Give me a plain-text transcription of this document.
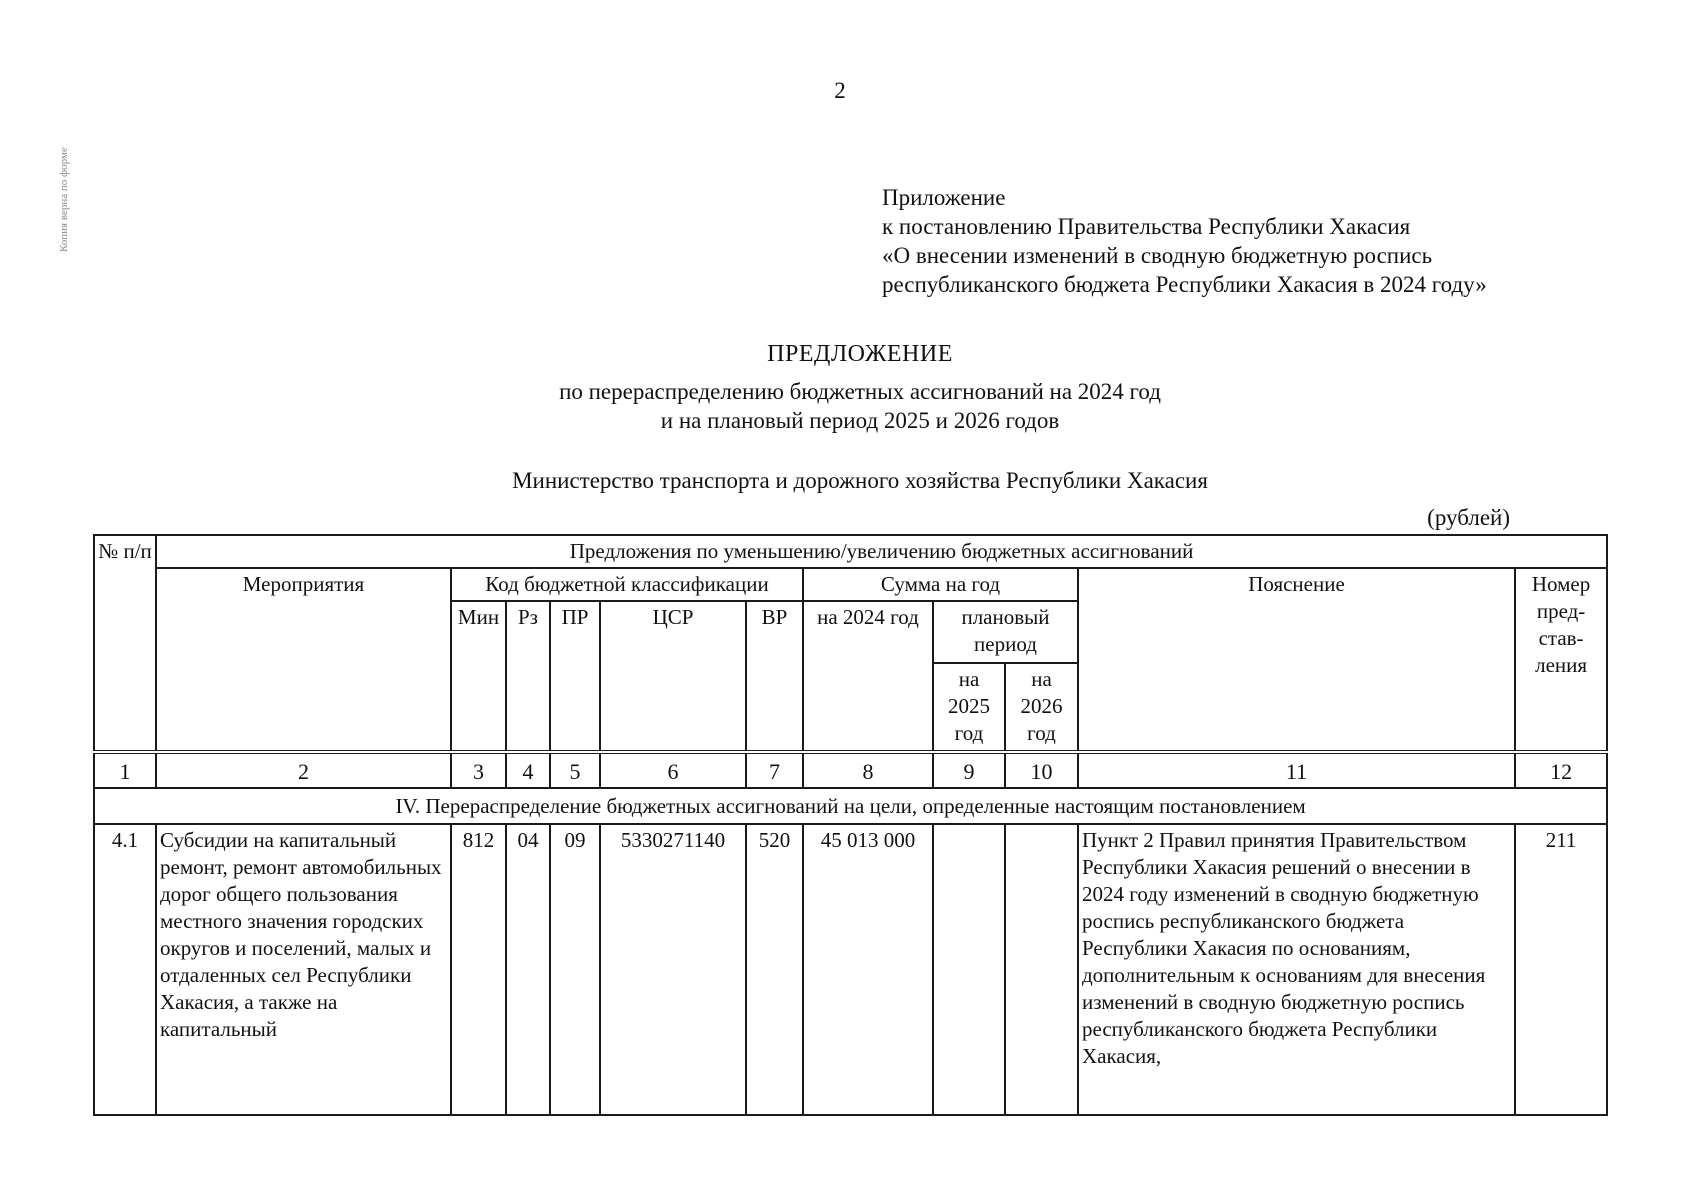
Копия верна по форме
2
Приложение
к постановлению Правительства Республики Хакасия
«О внесении изменений в сводную бюджетную роспись
республиканского бюджета Республики Хакасия в 2024 году»
ПРЕДЛОЖЕНИЕ
по перераспределению бюджетных ассигнований на 2024 год
и на плановый период 2025 и 2026 годов
Министерство транспорта и дорожного хозяйства Республики Хакасия
(рублей)
№ п/п	Предложения по уменьшению/увеличению бюджетных ассигнований										
	Мероприятия	Код бюджетной классификации					Сумма на год			Пояснение	Номер пред-став-ления
		Мин	Рз	ПР	ЦСР	ВР	на 2024 год	плановый период			
								на 2025 год	на 2026 год		
1	2	3	4	5	6	7	8	9	10	11	12
IV. Перераспределение бюджетных ассигнований на цели, определенные настоящим постановлением											
4.1	Субсидии на капитальный ремонт, ремонт автомобильных дорог общего пользования местного значения городских округов и поселений, малых и отдаленных сел Республики Хакасия, а также на капитальный	812	04	09	5330271140	520	45 013 000			Пункт 2 Правил принятия Правительством Республики Хакасия решений о внесении в 2024 году изменений в сводную бюджетную роспись республиканского бюджета Республики Хакасия по основаниям, дополнительным к основаниям для внесения изменений в сводную бюджетную роспись республиканского бюджета Республики Хакасия,	211
